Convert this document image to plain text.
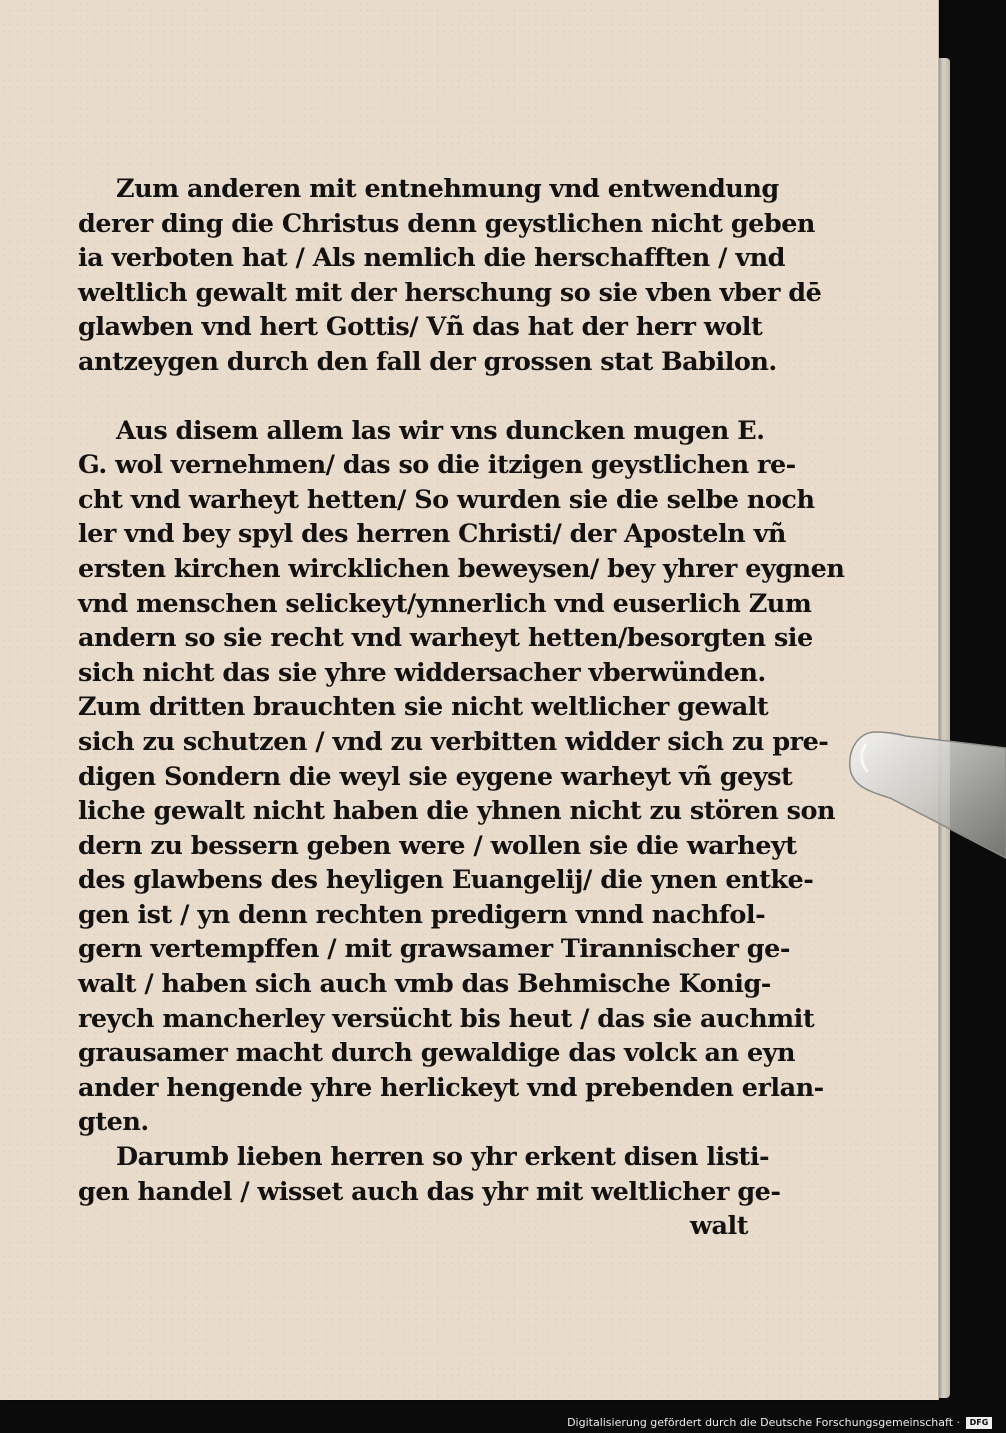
Zum anderen mit entnehmung vnd entwendung
derer ding die Christus denn geystlichen nicht geben
ia verboten hat / Als nemlich die herschafften / vnd
weltlich gewalt mit der herschung so sie vben vber dē
glawben vnd hert Gottis/ Vñ das hat der herr wolt
antzeygen durch den fall der grossen stat Babilon.
Aus disem allem las wir vns duncken mugen E.
G. wol vernehmen/ das so die itzigen geystlichen re-
cht vnd warheyt hetten/ So wurden sie die selbe noch
ler vnd bey spyl des herren Christi/ der Aposteln vñ
ersten kirchen wircklichen beweysen/ bey yhrer eygnen
vnd menschen selickeyt/ynnerlich vnd euserlich Zum
andern so sie recht vnd warheyt hetten/besorgten sie
sich nicht das sie yhre widdersacher vberwünden.
Zum dritten brauchten sie nicht weltlicher gewalt
sich zu schutzen / vnd zu verbitten widder sich zu pre-
digen Sondern die weyl sie eygene warheyt vñ geyst
liche gewalt nicht haben die yhnen nicht zu stören son
dern zu bessern geben were / wollen sie die warheyt
des glawbens des heyligen Euangelij/ die ynen entke-
gen ist / yn denn rechten predigern vnnd nachfol-
gern vertempffen / mit grawsamer Tirannischer ge-
walt / haben sich auch vmb das Behmische Konig-
reych mancherley versücht bis heut / das sie auchmit
grausamer macht durch gewaldige das volck an eyn
ander hengende yhre herlickeyt vnd prebenden erlan-
gten.
Darumb lieben herren so yhr erkent disen listi-
gen handel / wisset auch das yhr mit weltlicher ge-
walt
Digitalisierung gefördert durch die Deutsche Forschungsgemeinschaft ·	DFG
